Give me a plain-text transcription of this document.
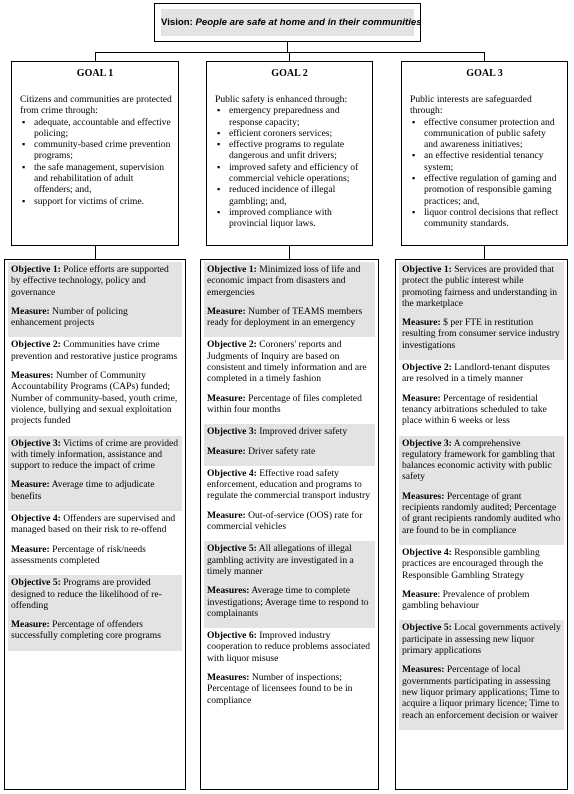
Vision: People are safe at home and in their communities
GOAL 1
Citizens and communities are protected from crime through:
▪ adequate, accountable and effective policing;
▪ community-based crime prevention programs;
▪ the safe management, supervision and rehabilitation of adult offenders; and,
▪ support for victims of crime.
GOAL 2
Public safety is enhanced through:
▪ emergency preparedness and response capacity;
▪ efficient coroners services;
▪ effective programs to regulate dangerous and unfit drivers;
▪ improved safety and efficiency of commercial vehicle operations;
▪ reduced incidence of illegal gambling; and,
▪ improved compliance with provincial liquor laws.
GOAL 3
Public interests are safeguarded through:
▪ effective consumer protection and communication of public safety and awareness initiatives;
▪ an effective residential tenancy system;
▪ effective regulation of gaming and promotion of responsible gaming practices; and,
▪ liquor control decisions that reflect community standards.

Objective 1: Police efforts are supported by effective technology, policy and governance

Measure: Number of policing enhancement projects

Objective 2: Communities have crime prevention and restorative justice programs

Measures: Number of Community Accountability Programs (CAPs) funded; Number of community-based, youth crime, violence, bullying and sexual exploitation projects funded

Objective 3: Victims of crime are provided with timely information, assistance and support to reduce the impact of crime

Measure: Average time to adjudicate benefits

Objective 4: Offenders are supervised and managed based on their risk to re-offend

Measure: Percentage of risk/needs assessments completed

Objective 5: Programs are provided designed to reduce the likelihood of re-offending

Measure: Percentage of offenders successfully completing core programs

Objective 1: Minimized loss of life and economic impact from disasters and emergencies

Measure: Number of TEAMS members ready for deployment in an emergency

Objective 2: Coroners' reports and Judgments of Inquiry are based on consistent and timely information and are completed in a timely fashion

Measure: Percentage of files completed within four months

Objective 3: Improved driver safety

Measure: Driver safety rate

Objective 4: Effective road safety enforcement, education and programs to regulate the commercial transport industry

Measure: Out-of-service (OOS) rate for commercial vehicles

Objective 5: All allegations of illegal gambling activity are investigated in a timely manner

Measures: Average time to complete investigations; Average time to respond to complainants

Objective 6: Improved industry cooperation to reduce problems associated with liquor misuse

Measures: Number of inspections; Percentage of licensees found to be in compliance

Objective 1: Services are provided that protect the public interest while promoting fairness and understanding in the marketplace

Measure: $ per FTE in restitution resulting from consumer service industry investigations

Objective 2: Landlord-tenant disputes are resolved in a timely manner

Measure: Percentage of residential tenancy arbitrations scheduled to take place within 6 weeks or less

Objective 3: A comprehensive regulatory framework for gambling that balances economic activity with public safety

Measures: Percentage of grant recipients randomly audited; Percentage of grant recipients randomly audited who are found to be in compliance

Objective 4: Responsible gambling practices are encouraged through the Responsible Gambling Strategy

Measure: Prevalence of problem gambling behaviour

Objective 5: Local governments actively participate in assessing new liquor primary applications

Measures: Percentage of local governments participating in assessing new liquor primary applications; Time to acquire a liquor primary licence; Time to reach an enforcement decision or waiver
